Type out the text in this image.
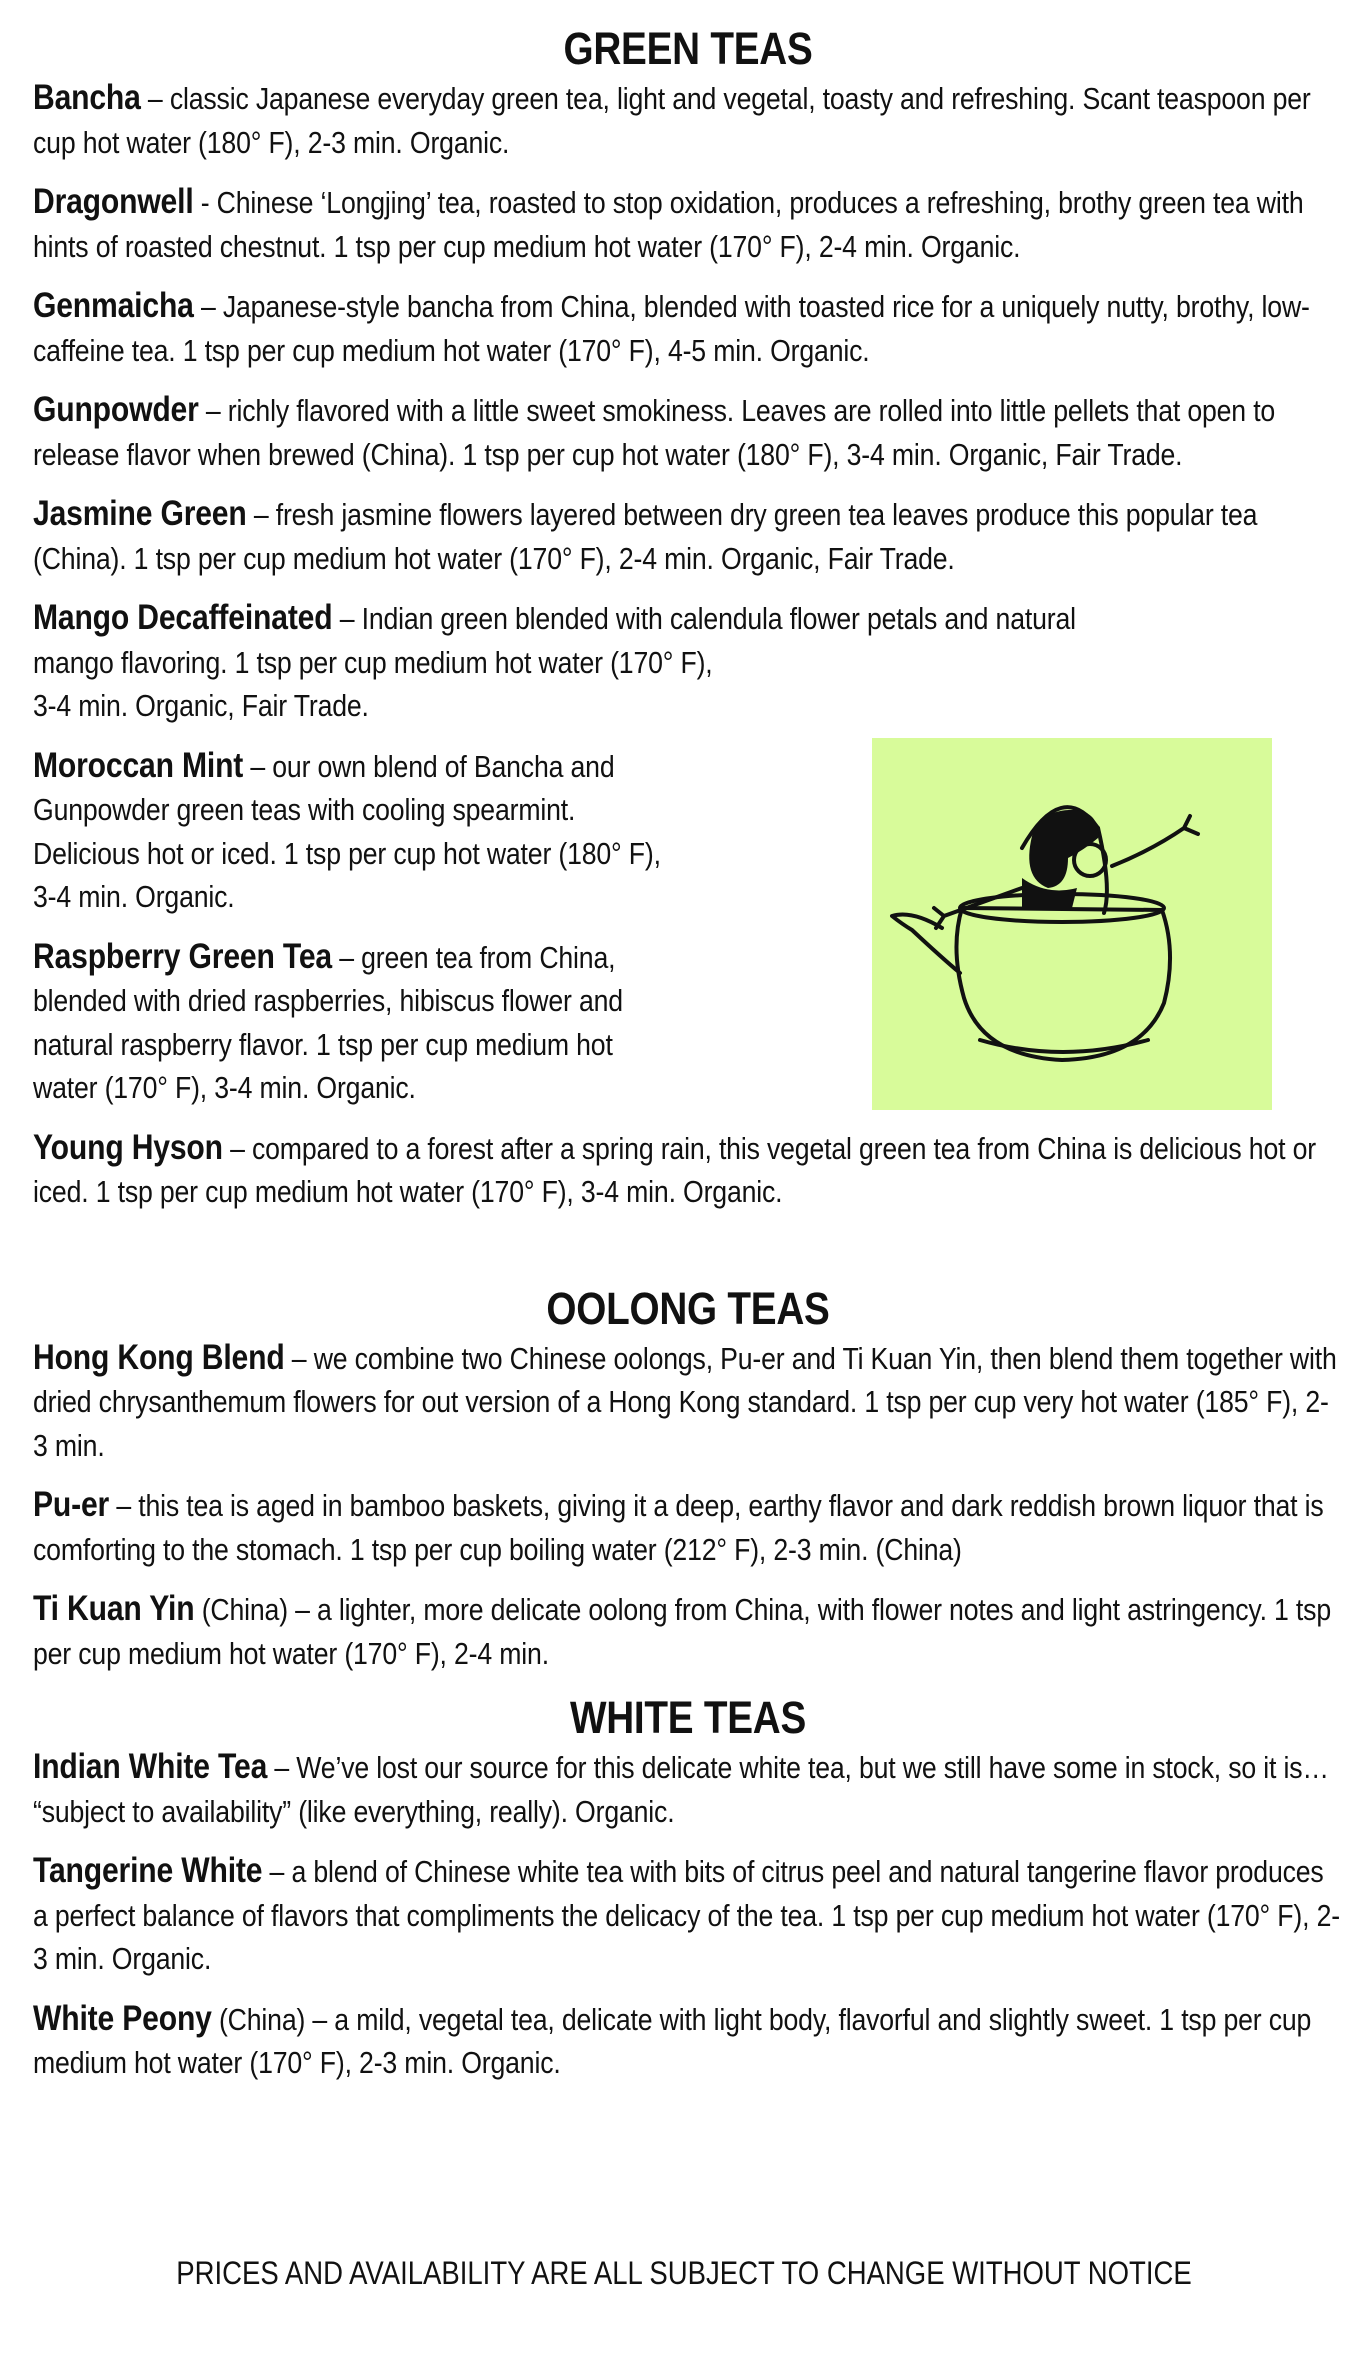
GREEN TEAS

Bancha – classic Japanese everyday green tea, light and vegetal, toasty and refreshing. Scant teaspoon per cup hot water (180° F), 2-3 min. Organic.

Dragonwell - Chinese ‘Longjing’ tea, roasted to stop oxidation, produces a refreshing, brothy green tea with hints of roasted chestnut. 1 tsp per cup medium hot water (170° F), 2-4 min. Organic.

Genmaicha – Japanese-style bancha from China, blended with toasted rice for a uniquely nutty, brothy, low-caffeine tea. 1 tsp per cup medium hot water (170° F), 4-5 min. Organic.

Gunpowder – richly flavored with a little sweet smokiness. Leaves are rolled into little pellets that open to release flavor when brewed (China). 1 tsp per cup hot water (180° F), 3-4 min. Organic, Fair Trade.

Jasmine Green – fresh jasmine flowers layered between dry green tea leaves produce this popular tea (China). 1 tsp per cup medium hot water (170° F), 2-4 min. Organic, Fair Trade.

Mango Decaffeinated – Indian green blended with calendula flower petals and natural
mango flavoring. 1 tsp per cup medium hot water (170° F),
3-4 min. Organic, Fair Trade.

Moroccan Mint – our own blend of Bancha and Gunpowder green teas with cooling spearmint. Delicious hot or iced. 1 tsp per cup hot water (180° F), 3-4 min. Organic.

Raspberry Green Tea – green tea from China, blended with dried raspberries, hibiscus flower and natural raspberry flavor. 1 tsp per cup medium hot water (170° F), 3-4 min. Organic.

Young Hyson – compared to a forest after a spring rain, this vegetal green tea from China is delicious hot or iced. 1 tsp per cup medium hot water (170° F), 3-4 min. Organic.

OOLONG TEAS

Hong Kong Blend – we combine two Chinese oolongs, Pu-er and Ti Kuan Yin, then blend them together with dried chrysanthemum flowers for out version of a Hong Kong standard. 1 tsp per cup very hot water (185° F), 2-3 min.

Pu-er – this tea is aged in bamboo baskets, giving it a deep, earthy flavor and dark reddish brown liquor that is comforting to the stomach. 1 tsp per cup boiling water (212° F), 2-3 min. (China)

Ti Kuan Yin (China) – a lighter, more delicate oolong from China, with flower notes and light astringency. 1 tsp per cup medium hot water (170° F), 2-4 min.

WHITE TEAS

Indian White Tea – We’ve lost our source for this delicate white tea, but we still have some in stock, so it is… “subject to availability” (like everything, really). Organic.

Tangerine White – a blend of Chinese white tea with bits of citrus peel and natural tangerine flavor produces a perfect balance of flavors that compliments the delicacy of the tea. 1 tsp per cup medium hot water (170° F), 2-3 min. Organic.

White Peony (China) – a mild, vegetal tea, delicate with light body, flavorful and slightly sweet. 1 tsp per cup medium hot water (170° F), 2-3 min. Organic.

PRICES AND AVAILABILITY ARE ALL SUBJECT TO CHANGE WITHOUT NOTICE
